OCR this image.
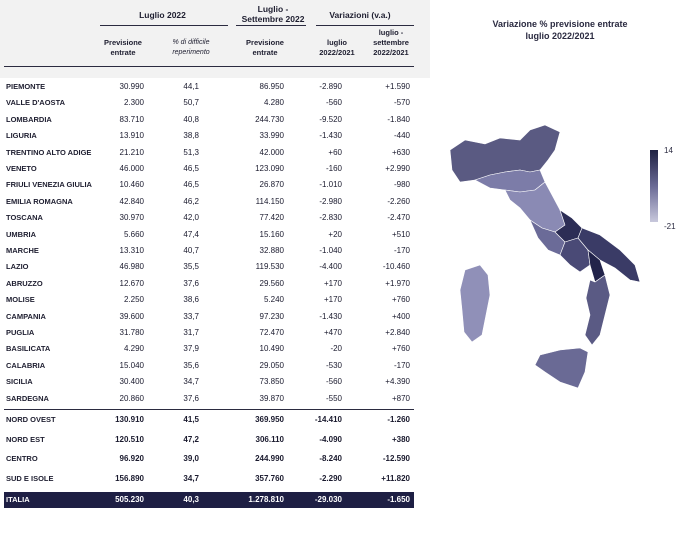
Luglio 2022
Luglio -
Settembre 2022	Variazioni (v.a.)
Previsione
entrate
% di difficile
reperimento
Previsione
entrate
luglio
2022/2021
luglio -
settembre
2022/2021
PIEMONTE	30.990	44,1	86.950	-2.890	+1.590
VALLE D'AOSTA	2.300	50,7	4.280	-560	-570
LOMBARDIA	83.710	40,8	244.730	-9.520	-1.840
LIGURIA	13.910	38,8	33.990	-1.430	-440
TRENTINO ALTO ADIGE	21.210	51,3	42.000	+60	+630
VENETO	46.000	46,5	123.090	-160	+2.990
FRIULI VENEZIA GIULIA	10.460	46,5	26.870	-1.010	-980
EMILIA ROMAGNA	42.840	46,2	114.150	-2.980	-2.260
TOSCANA	30.970	42,0	77.420	-2.830	-2.470
UMBRIA	5.660	47,4	15.160	+20	+510
MARCHE	13.310	40,7	32.880	-1.040	-170
LAZIO	46.980	35,5	119.530	-4.400	-10.460
ABRUZZO	12.670	37,6	29.560	+170	+1.970
MOLISE	2.250	38,6	5.240	+170	+760
CAMPANIA	39.600	33,7	97.230	-1.430	+400
PUGLIA	31.780	31,7	72.470	+470	+2.840
BASILICATA	4.290	37,9	10.490	-20	+760
CALABRIA	15.040	35,6	29.050	-530	-170
SICILIA	30.400	34,7	73.850	-560	+4.390
SARDEGNA	20.860	37,6	39.870	-550	+870
NORD OVEST	130.910	41,5	369.950	-14.410	-1.260
NORD EST	120.510	47,2	306.110	-4.090	+380
CENTRO	96.920	39,0	244.990	-8.240	-12.590
SUD E ISOLE	156.890	34,7	357.760	-2.290	+11.820
ITALIA	505.230	40,3	1.278.810	-29.030	-1.650
Variazione % previsione entrate
luglio 2022/2021
14
-21
